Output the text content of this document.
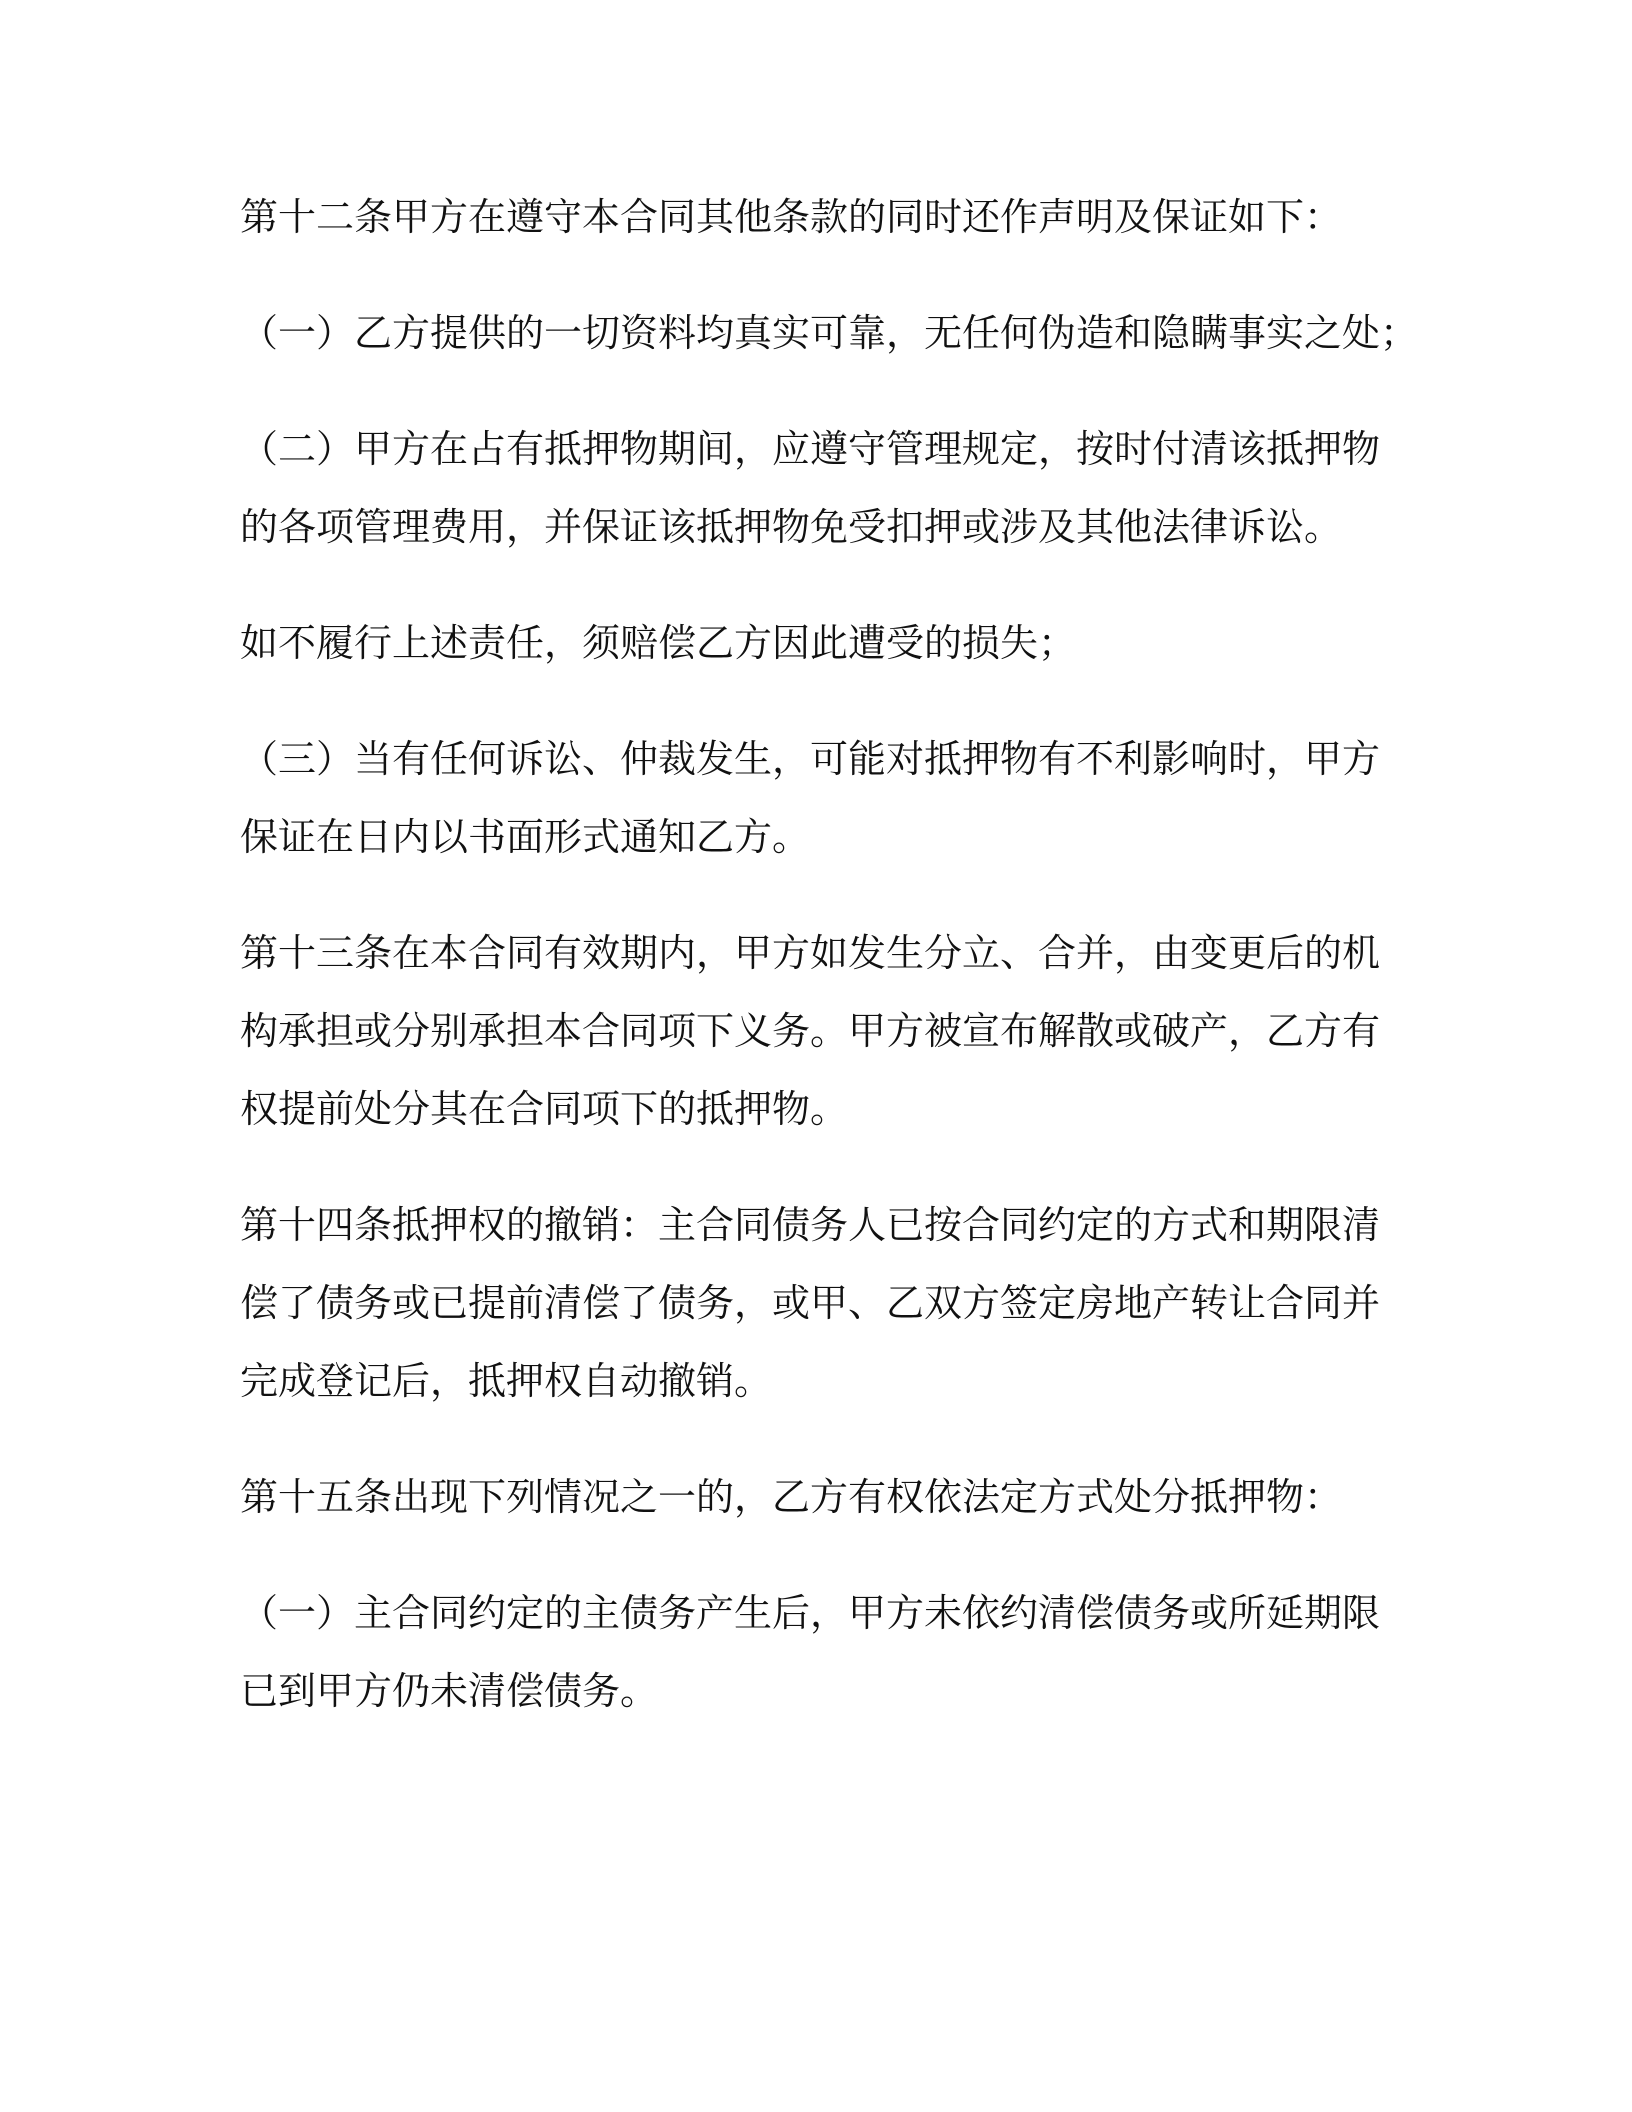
第十二条甲方在遵守本合同其他条款的同时还作声明及保证如下：

（一）乙方提供的一切资料均真实可靠，无任何伪造和隐瞒事实之处；

（二）甲方在占有抵押物期间，应遵守管理规定，按时付清该抵押物
的各项管理费用，并保证该抵押物免受扣押或涉及其他法律诉讼。

如不履行上述责任，须赔偿乙方因此遭受的损失；

（三）当有任何诉讼、仲裁发生，可能对抵押物有不利影响时，甲方
保证在日内以书面形式通知乙方。

第十三条在本合同有效期内，甲方如发生分立、合并，由变更后的机
构承担或分别承担本合同项下义务。甲方被宣布解散或破产，乙方有
权提前处分其在合同项下的抵押物。

第十四条抵押权的撤销：主合同债务人已按合同约定的方式和期限清
偿了债务或已提前清偿了债务，或甲、乙双方签定房地产转让合同并
完成登记后，抵押权自动撤销。

第十五条出现下列情况之一的，乙方有权依法定方式处分抵押物：

（一）主合同约定的主债务产生后，甲方未依约清偿债务或所延期限
已到甲方仍未清偿债务。
